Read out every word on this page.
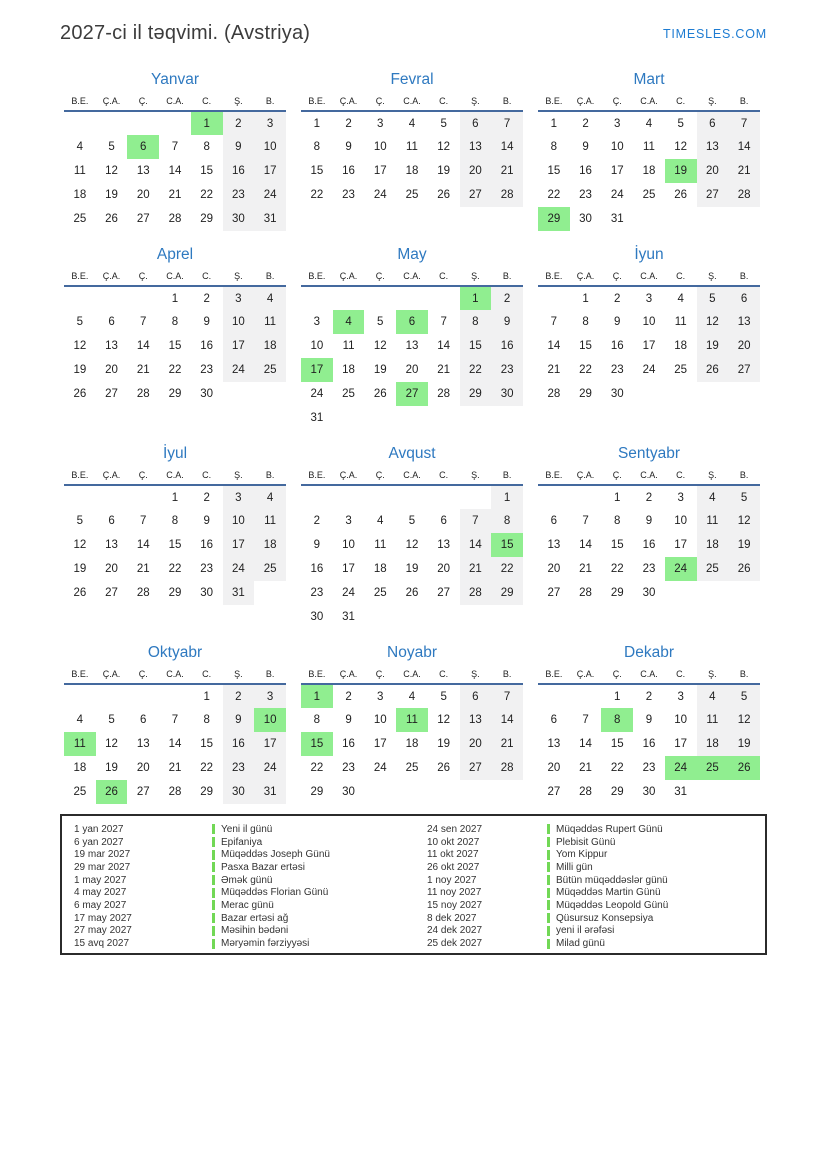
2027-ci il təqvimi. (Avstriya)	TIMESLES.COM
Yanvar
B.E.	Ç.A.	Ç.	C.A.	C.	Ş.	B.
				1	2	3
4	5	6	7	8	9	10
11	12	13	14	15	16	17
18	19	20	21	22	23	24
25	26	27	28	29	30	31
Fevral
B.E.	Ç.A.	Ç.	C.A.	C.	Ş.	B.
1	2	3	4	5	6	7
8	9	10	11	12	13	14
15	16	17	18	19	20	21
22	23	24	25	26	27	28
Mart
B.E.	Ç.A.	Ç.	C.A.	C.	Ş.	B.
1	2	3	4	5	6	7
8	9	10	11	12	13	14
15	16	17	18	19	20	21
22	23	24	25	26	27	28
29	30	31				
Aprel
B.E.	Ç.A.	Ç.	C.A.	C.	Ş.	B.
			1	2	3	4
5	6	7	8	9	10	11
12	13	14	15	16	17	18
19	20	21	22	23	24	25
26	27	28	29	30		
May
B.E.	Ç.A.	Ç.	C.A.	C.	Ş.	B.
					1	2
3	4	5	6	7	8	9
10	11	12	13	14	15	16
17	18	19	20	21	22	23
24	25	26	27	28	29	30
31						
İyun
B.E.	Ç.A.	Ç.	C.A.	C.	Ş.	B.
	1	2	3	4	5	6
7	8	9	10	11	12	13
14	15	16	17	18	19	20
21	22	23	24	25	26	27
28	29	30				
İyul
B.E.	Ç.A.	Ç.	C.A.	C.	Ş.	B.
			1	2	3	4
5	6	7	8	9	10	11
12	13	14	15	16	17	18
19	20	21	22	23	24	25
26	27	28	29	30	31	
Avqust
B.E.	Ç.A.	Ç.	C.A.	C.	Ş.	B.
						1
2	3	4	5	6	7	8
9	10	11	12	13	14	15
16	17	18	19	20	21	22
23	24	25	26	27	28	29
30	31					
Sentyabr
B.E.	Ç.A.	Ç.	C.A.	C.	Ş.	B.
		1	2	3	4	5
6	7	8	9	10	11	12
13	14	15	16	17	18	19
20	21	22	23	24	25	26
27	28	29	30			
Oktyabr
B.E.	Ç.A.	Ç.	C.A.	C.	Ş.	B.
				1	2	3
4	5	6	7	8	9	10
11	12	13	14	15	16	17
18	19	20	21	22	23	24
25	26	27	28	29	30	31
Noyabr
B.E.	Ç.A.	Ç.	C.A.	C.	Ş.	B.
1	2	3	4	5	6	7
8	9	10	11	12	13	14
15	16	17	18	19	20	21
22	23	24	25	26	27	28
29	30					
Dekabr
B.E.	Ç.A.	Ç.	C.A.	C.	Ş.	B.
		1	2	3	4	5
6	7	8	9	10	11	12
13	14	15	16	17	18	19
20	21	22	23	24	25	26
27	28	29	30	31		
1 yan 2027	Yeni il günü	24 sen 2027	Müqəddəs Rupert Günü
6 yan 2027	Epifaniya	10 okt 2027	Plebisit Günü
19 mar 2027	Müqəddəs Joseph Günü	11 okt 2027	Yom Kippur
29 mar 2027	Pasxa Bazar ertəsi	26 okt 2027	Milli gün
1 may 2027	Əmək günü	1 noy 2027	Bütün müqəddəslər günü
4 may 2027	Müqəddəs Florian Günü	11 noy 2027	Müqəddəs Martin Günü
6 may 2027	Merac günü	15 noy 2027	Müqəddəs Leopold Günü
17 may 2027	Bazar ertəsi ağ	8 dek 2027	Qüsursuz Konsepsiya
27 may 2027	Məsihin bədəni	24 dek 2027	yeni il ərəfəsi
15 avq 2027	Məryəmin fərziyyəsi	25 dek 2027	Milad günü
